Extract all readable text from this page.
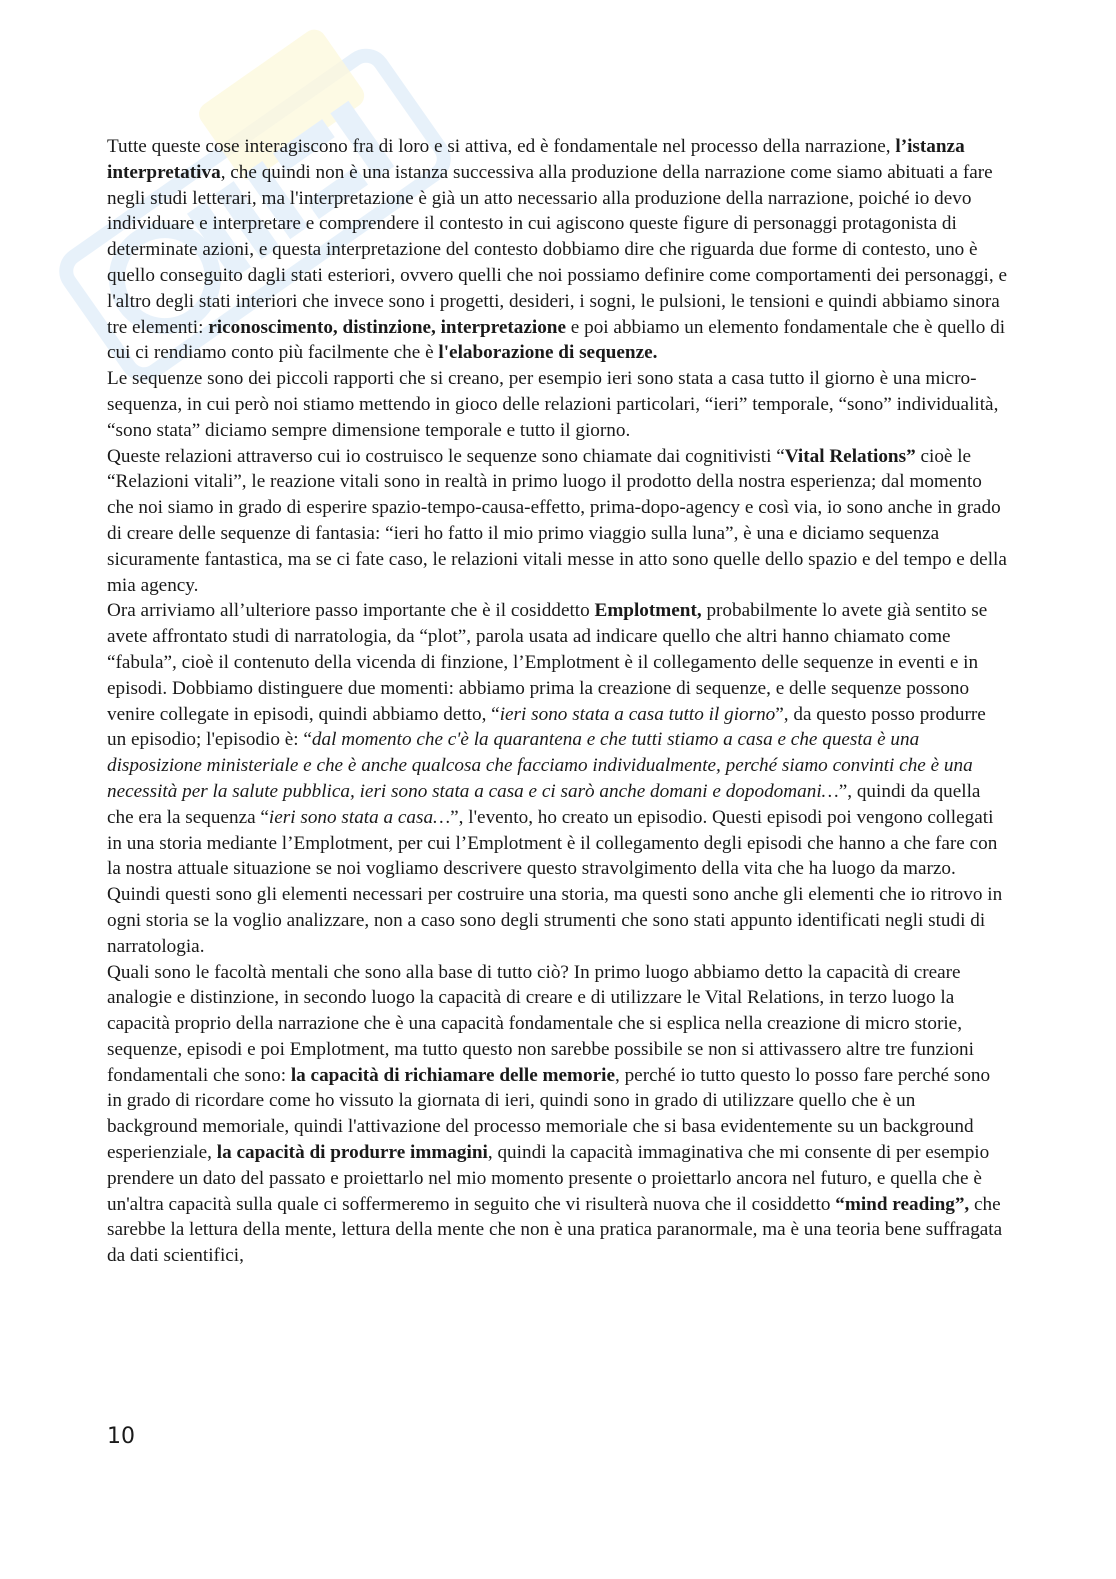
Tutte queste cose interagiscono fra di loro e si attiva, ed è fondamentale nel processo della narrazione, l’istanza interpretativa, che quindi non è una istanza successiva alla produzione della narrazione come siamo abituati a fare negli studi letterari, ma l'interpretazione è già un atto necessario alla produzione della narrazione, poiché io devo individuare e interpretare e comprendere il contesto in cui agiscono queste figure di personaggi protagonista di determinate azioni, e questa interpretazione del contesto dobbiamo dire che riguarda due forme di contesto, uno è quello conseguito dagli stati esteriori, ovvero quelli che noi possiamo definire come comportamenti dei personaggi, e l'altro degli stati interiori che invece sono i progetti, desideri, i sogni, le pulsioni, le tensioni e quindi abbiamo sinora tre elementi: riconoscimento, distinzione, interpretazione e poi abbiamo un elemento fondamentale che è quello di cui ci rendiamo conto più facilmente che è l'elaborazione di sequenze.

Le sequenze sono dei piccoli rapporti che si creano, per esempio ieri sono stata a casa tutto il giorno è una micro-sequenza, in cui però noi stiamo mettendo in gioco delle relazioni particolari, “ieri” temporale, “sono” individualità, “sono stata” diciamo sempre dimensione temporale e tutto il giorno.

Queste relazioni attraverso cui io costruisco le sequenze sono chiamate dai cognitivisti “Vital Relations” cioè le “Relazioni vitali”, le reazione vitali sono in realtà in primo luogo il prodotto della nostra esperienza; dal momento che noi siamo in grado di esperire spazio-tempo-causa-effetto, prima-dopo-agency e così via, io sono anche in grado di creare delle sequenze di fantasia: “ieri ho fatto il mio primo viaggio sulla luna”, è una e diciamo sequenza sicuramente fantastica, ma se ci fate caso, le relazioni vitali messe in atto sono quelle dello spazio e del tempo e della mia agency.

Ora arriviamo all’ulteriore passo importante che è il cosiddetto Emplotment, probabilmente lo avete già sentito se avete affrontato studi di narratologia, da “plot”, parola usata ad indicare quello che altri hanno chiamato come “fabula”, cioè il contenuto della vicenda di finzione, l’Emplotment è il collegamento delle sequenze in eventi e in episodi. Dobbiamo distinguere due momenti: abbiamo prima la creazione di sequenze, e delle sequenze possono venire collegate in episodi, quindi abbiamo detto, “ieri sono stata a casa tutto il giorno”, da questo posso produrre un episodio; l'episodio è: “dal momento che c'è la quarantena e che tutti stiamo a casa e che questa è una disposizione ministeriale e che è anche qualcosa che facciamo individualmente, perché siamo convinti che è una necessità per la salute pubblica, ieri sono stata a casa e ci sarò anche domani e dopodomani…”, quindi da quella che era la sequenza “ieri sono stata a casa…”, l'evento, ho creato un episodio. Questi episodi poi vengono collegati in una storia mediante l’Emplotment, per cui l’Emplotment è il collegamento degli episodi che hanno a che fare con la nostra attuale situazione se noi vogliamo descrivere questo stravolgimento della vita che ha luogo da marzo.

Quindi questi sono gli elementi necessari per costruire una storia, ma questi sono anche gli elementi che io ritrovo in ogni storia se la voglio analizzare, non a caso sono degli strumenti che sono stati appunto identificati negli studi di narratologia.

Quali sono le facoltà mentali che sono alla base di tutto ciò? In primo luogo abbiamo detto la capacità di creare analogie e distinzione, in secondo luogo la capacità di creare e di utilizzare le Vital Relations, in terzo luogo la capacità proprio della narrazione che è una capacità fondamentale che si esplica nella creazione di micro storie, sequenze, episodi e poi Emplotment, ma tutto questo non sarebbe possibile se non si attivassero altre tre funzioni fondamentali che sono: la capacità di richiamare delle memorie, perché io tutto questo lo posso fare perché sono in grado di ricordare come ho vissuto la giornata di ieri, quindi sono in grado di utilizzare quello che è un background memoriale, quindi l'attivazione del processo memoriale che si basa evidentemente su un background esperienziale, la capacità di produrre immagini, quindi la capacità immaginativa che mi consente di per esempio prendere un dato del passato e proiettarlo nel mio momento presente o proiettarlo ancora nel futuro, e quella che è un'altra capacità sulla quale ci soffermeremo in seguito che vi risulterà nuova che il cosiddetto “mind reading”, che sarebbe la lettura della mente, lettura della mente che non è una pratica paranormale, ma è una teoria bene suffragata da dati scientifici,

10
